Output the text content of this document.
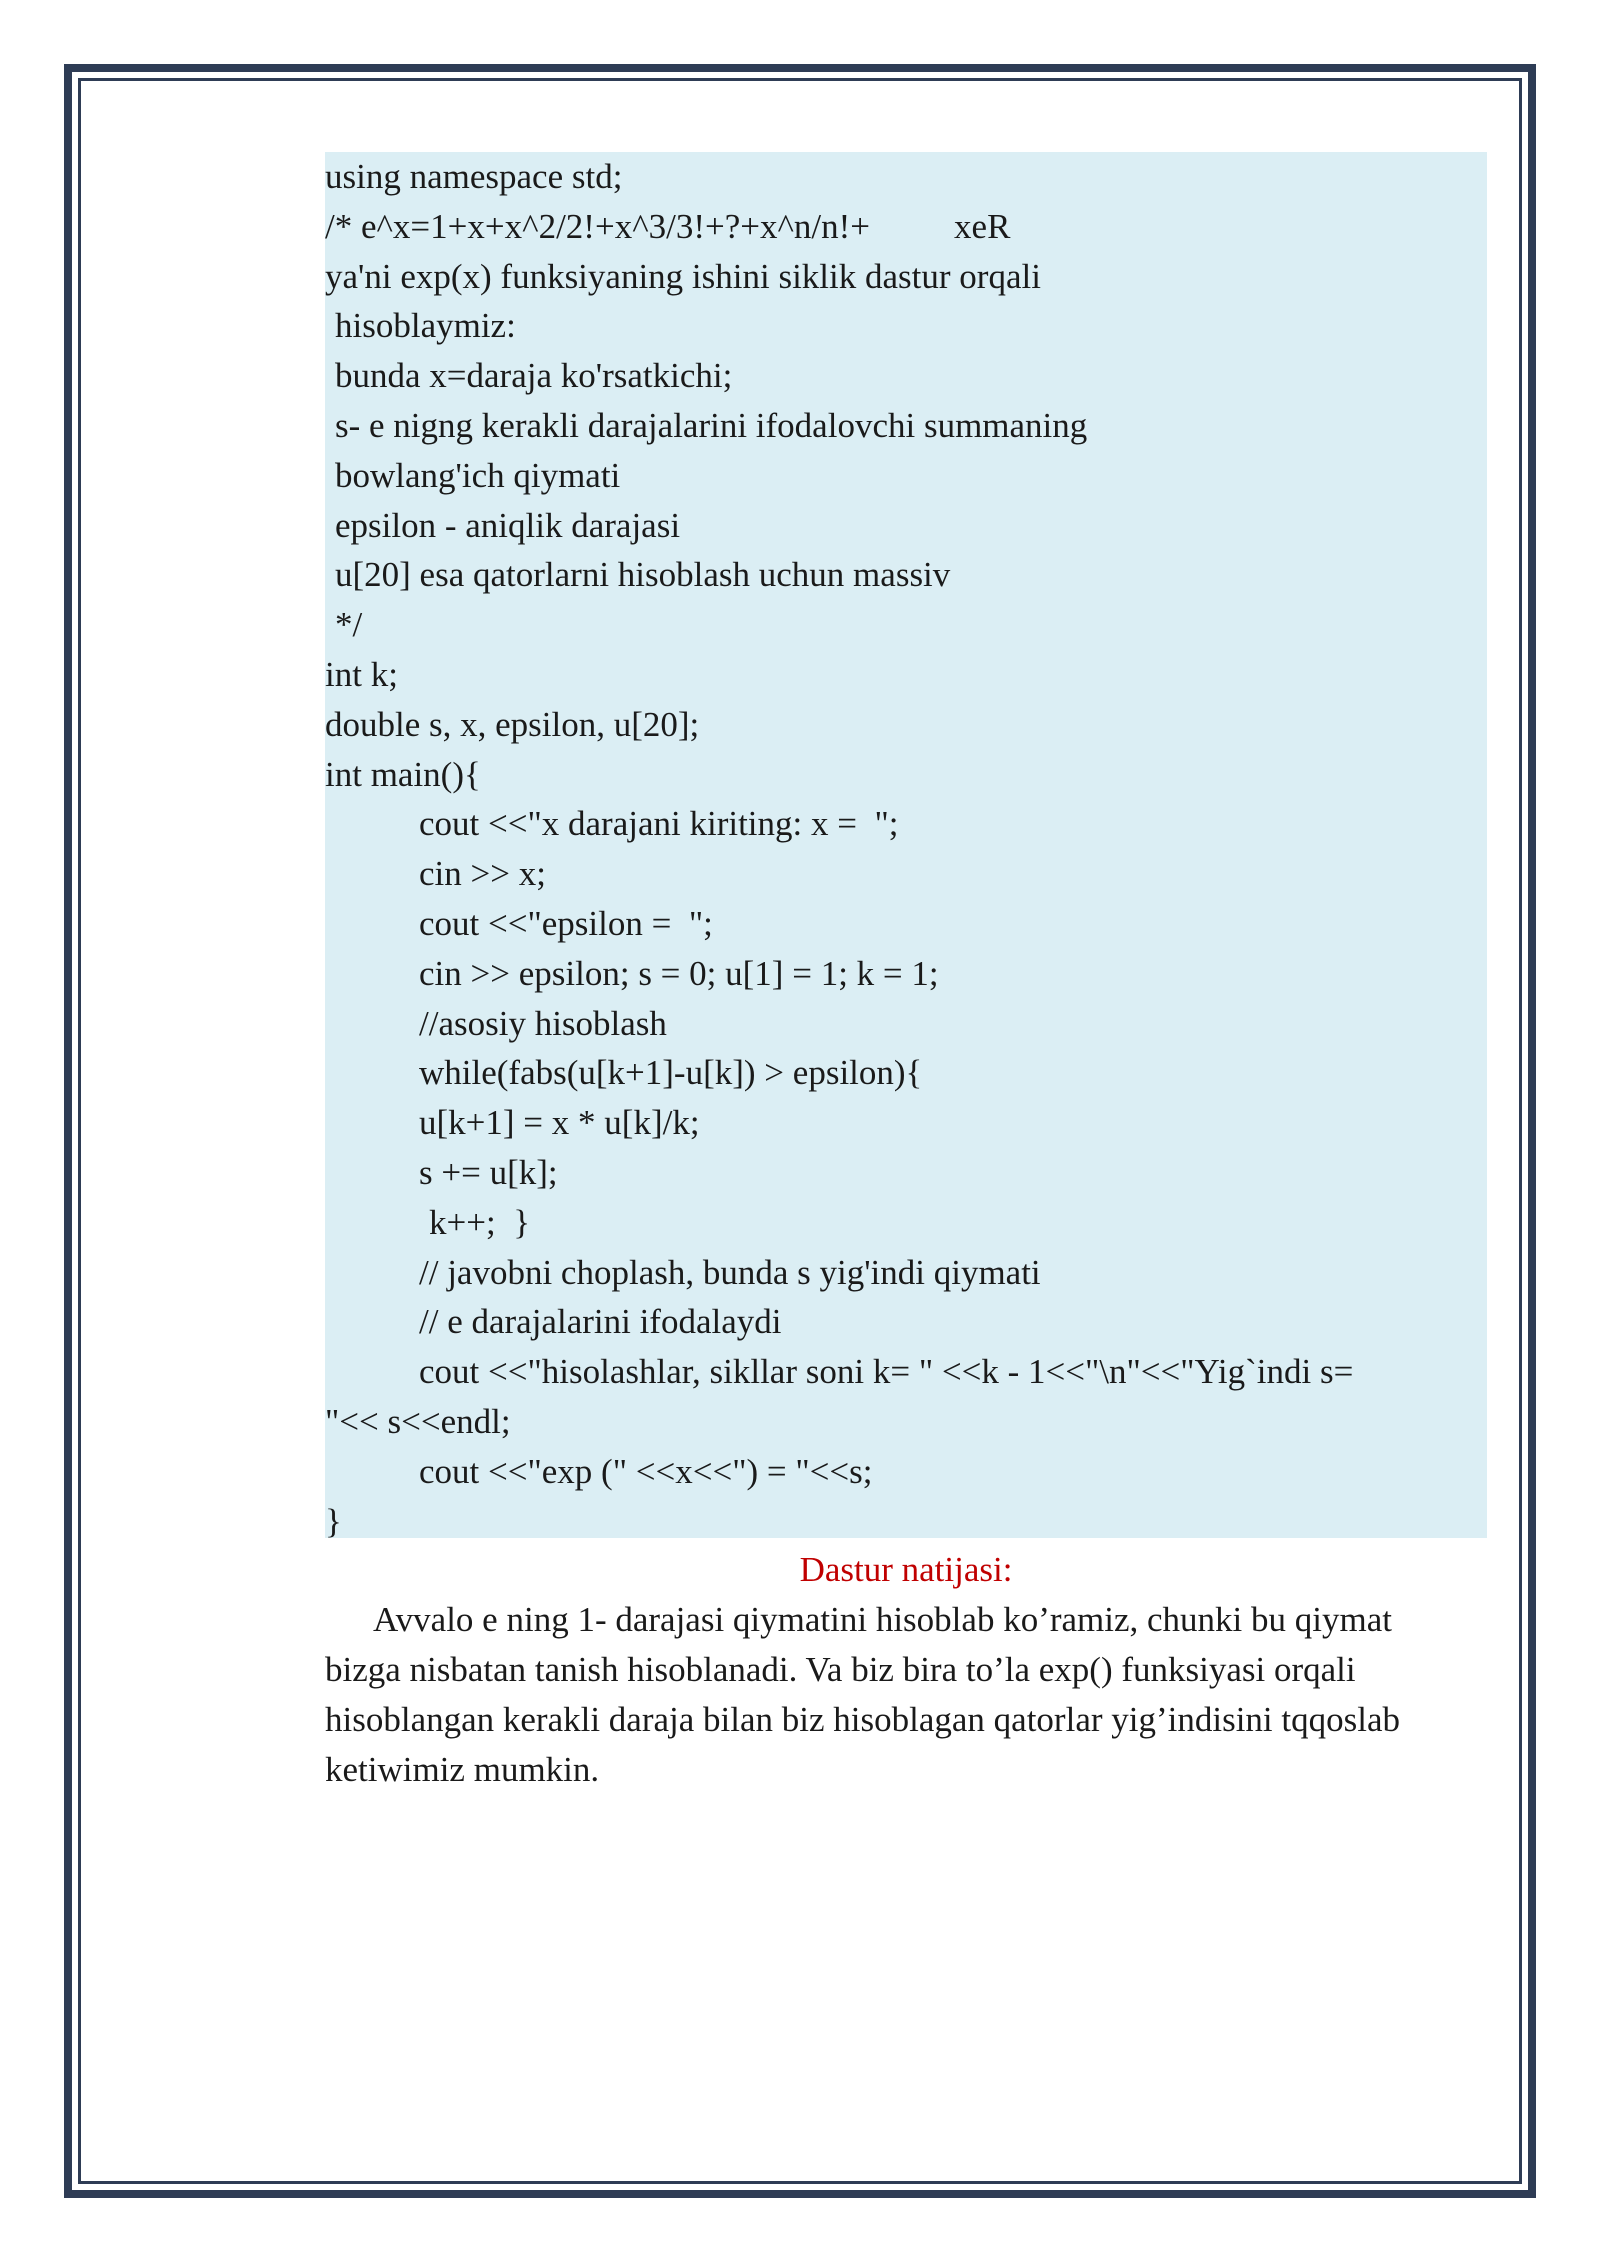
using namespace std;
/* e^x=1+x+x^2/2!+x^3/3!+?+x^n/n!+ xeR
ya'ni exp(x) funksiyaning ishini siklik dastur orqali
hisoblaymiz:
bunda x=daraja ko'rsatkichi;
s- e nigng kerakli darajalarini ifodalovchi summaning
bowlang'ich qiymati
epsilon - aniqlik darajasi
u[20] esa qatorlarni hisoblash uchun massiv
*/
int k;
double s, x, epsilon, u[20];
int main(){
cout <<"x darajani kiriting: x =  ";
cin >> x;
cout <<"epsilon =  ";
cin >> epsilon; s = 0; u[1] = 1; k = 1;
//asosiy hisoblash
while(fabs(u[k+1]-u[k]) > epsilon){
u[k+1] = x * u[k]/k;
s += u[k];
k++;  }
// javobni choplash, bunda s yig'indi qiymati
// e darajalarini ifodalaydi
cout <<"hisolashlar, sikllar soni k= " <<k - 1<<"\n"<<"Yig`indi s=
"<< s<<endl;
cout <<"exp (" <<x<<") = "<<s;
}
Dastur natijasi:
Avvalo e ning 1- darajasi qiymatini hisoblab ko’ramiz, chunki bu qiymat
bizga nisbatan tanish hisoblanadi. Va biz bira to’la exp() funksiyasi orqali
hisoblangan kerakli daraja bilan biz hisoblagan qatorlar yig’indisini tqqoslab
ketiwimiz mumkin.
